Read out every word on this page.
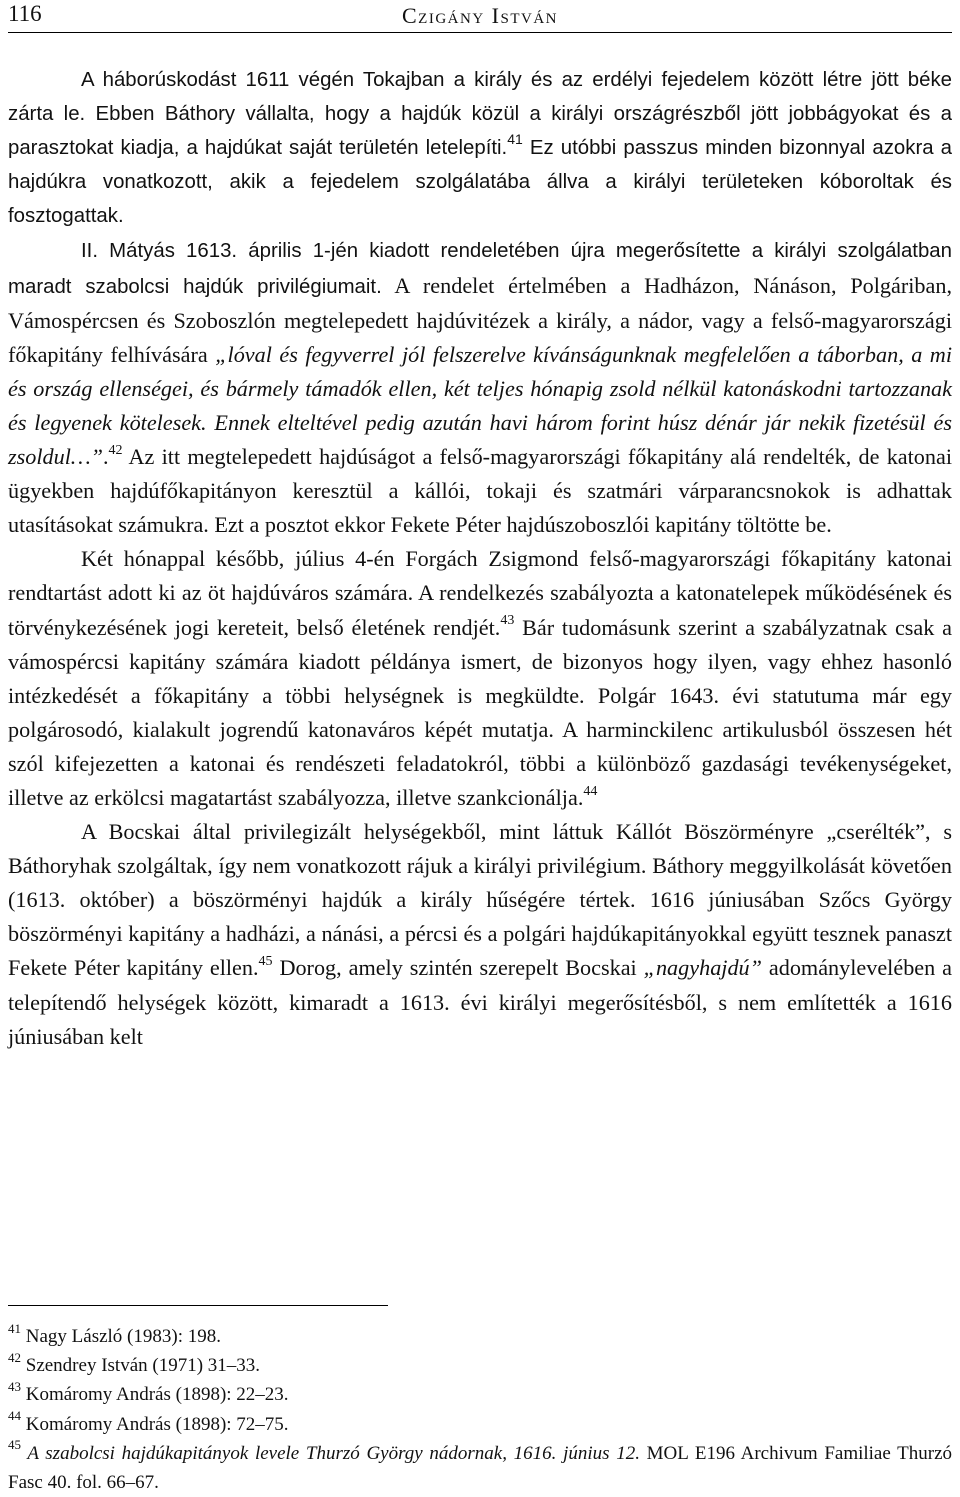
116	Czigány István

A háborúskodást 1611 végén Tokajban a király és az erdélyi fejedelem között létre jött béke zárta le. Ebben Báthory vállalta, hogy a hajdúk közül a királyi országrészből jött jobbágyokat és a parasztokat kiadja, a hajdúkat saját területén letelepíti.$^{41}$ Ez utóbbi passzus minden bizonnyal azokra a hajdúkra vonatkozott, akik a fejedelem szolgálatába állva a királyi területeken kóboroltak és fosztogattak.

II. Mátyás 1613. április 1-jén kiadott rendeletében újra megerősítette a királyi szolgálatban maradt szabolcsi hajdúk privilégiumait. A rendelet értelmében a Hadházon, Nánáson, Polgáriban, Vámospércsen és Szoboszlón megtelepedett hajdúvitézek a király, a nádor, vagy a felső-magyarországi főkapitány felhívására „lóval és fegyverrel jól felszerelve kívánságunknak megfelelően a táborban, a mi és ország ellenségei, és bármely támadók ellen, két teljes hónapig zsold nélkül katonáskodni tartozzanak és legyenek kötelesek. Ennek elteltével pedig azután havi három forint húsz dénár jár nekik fizetésül és zsoldul…”.$^{42}$ Az itt megtelepedett hajdúságot a felső-magyarországi főkapitány alá rendelték, de katonai ügyekben hajdúfőkapitányon keresztül a kállói, tokaji és szatmári várparancsnokok is adhattak utasításokat számukra. Ezt a posztot ekkor Fekete Péter hajdúszoboszlói kapitány töltötte be.

Két hónappal később, július 4-én Forgách Zsigmond felső-magyarországi főkapitány katonai rendtartást adott ki az öt hajdúváros számára. A rendelkezés szabályozta a katonatelepek működésének és törvénykezésének jogi kereteit, belső életének rendjét.$^{43}$ Bár tudomásunk szerint a szabályzatnak csak a vámospércsi kapitány számára kiadott példánya ismert, de bizonyos hogy ilyen, vagy ehhez hasonló intézkedését a főkapitány a többi helységnek is megküldte. Polgár 1643. évi statutuma már egy polgárosodó, kialakult jogrendű katonaváros képét mutatja. A harminckilenc artikulusból összesen hét szól kifejezetten a katonai és rendészeti feladatokról, többi a különböző gazdasági tevékenységeket, illetve az erkölcsi magatartást szabályozza, illetve szankcionálja.$^{44}$

A Bocskai által privilegizált helységekből, mint láttuk Kállót Böszörményre „cserélték”, s Báthoryhak szolgáltak, így nem vonatkozott rájuk a királyi privilégium. Báthory meggyilkolását követően (1613. október) a böszörményi hajdúk a király hűségére tértek. 1616 júniusában Szőcs György böszörményi kapitány a hadházi, a nánási, a pércsi és a polgári hajdúkapitányokkal együtt tesznek panaszt Fekete Péter kapitány ellen.$^{45}$ Dorog, amely szintén szerepelt Bocskai „nagyhajdú” adománylevelében a telepítendő helységek között, kimaradt a 1613. évi királyi megerősítésből, s nem említették a 1616 júniusában kelt

$^{41}$ Nagy László (1983): 198.

$^{42}$ Szendrey István (1971) 31–33.

$^{43}$ Komáromy András (1898): 22–23.

$^{44}$ Komáromy András (1898): 72–75.

$^{45}$ A szabolcsi hajdúkapitányok levele Thurzó György nádornak, 1616. június 12. MOL E196 Archivum Familiae Thurzó Fasc 40. fol. 66–67.
